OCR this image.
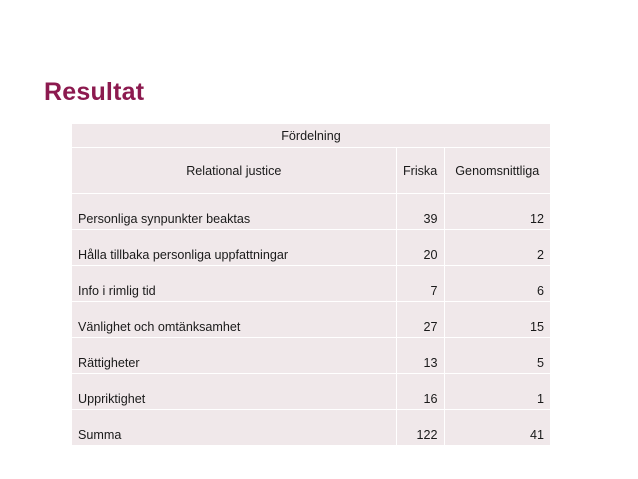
Resultat
Fördelning		
Relational justice	Friska	Genomsnittliga
Personliga synpunkter beaktas	39	12
Hålla tillbaka personliga uppfattningar	20	2
Info i rimlig tid	7	6
Vänlighet och omtänksamhet	27	15
Rättigheter	13	5
Uppriktighet	16	1
Summa	122	41
